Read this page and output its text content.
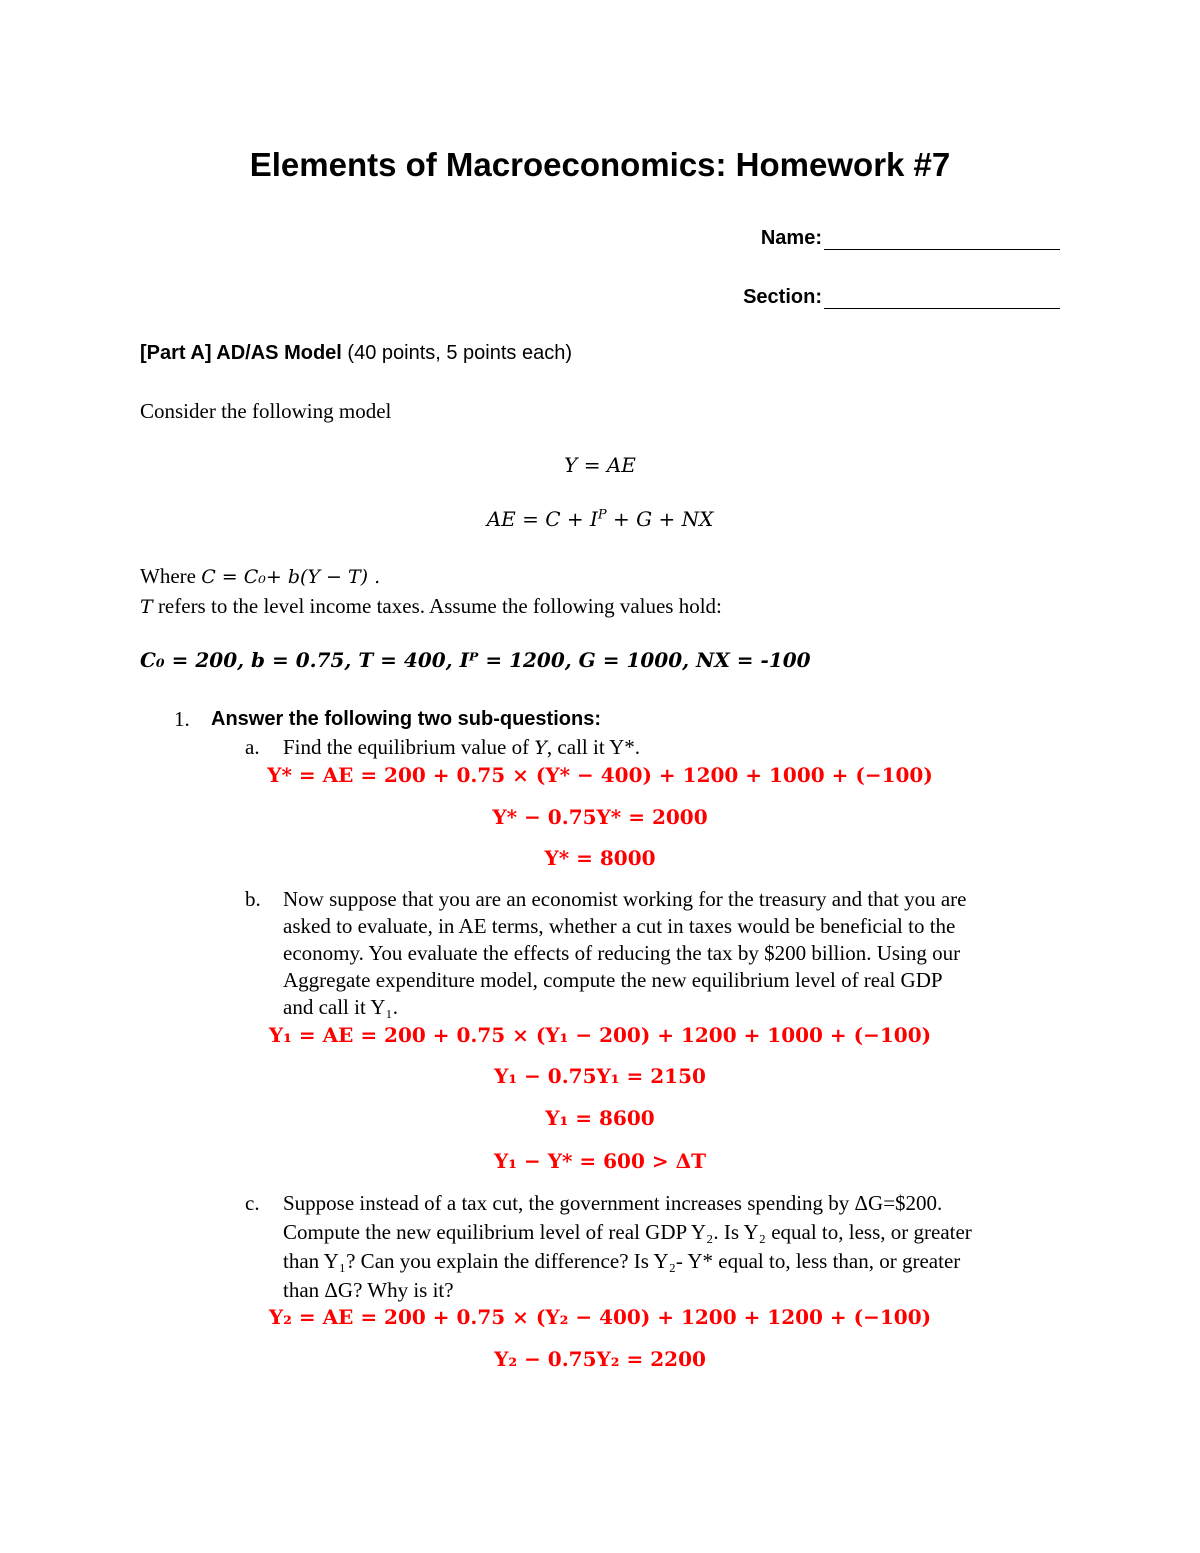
Elements of Macroeconomics: Homework #7
Name:
Section:
[Part A] AD/AS Model (40 points, 5 points each)
Consider the following model
Y = AE
AE = $C + I^P + G$ + NX
Where C = C₀+ b(Y − T) .
T refers to the level income taxes. Assume the following values hold:
C₀ = 200, b = 0.75, T = 400, Iᴾ = 1200, G = 1000, NX = -100
1. Answer the following two sub-questions:
a. Find the equilibrium value of Y, call it Y*.
Y* = AE = 200 + 0.75 × (Y* − 400) + 1200 + 1000 + (−100)
Y* − 0.75Y* = 2000
Y* = 8000
b. Now suppose that you are an economist working for the treasury and that you are
asked to evaluate, in AE terms, whether a cut in taxes would be beneficial to the
economy. You evaluate the effects of reducing the tax by $200 billion. Using our
Aggregate expenditure model, compute the new equilibrium level of real GDP
and call it Y₁.
Y₁ = AE = 200 + 0.75 × (Y₁ − 200) + 1200 + 1000 + (−100)
Y₁ − 0.75Y₁ = 2150
Y₁ = 8600
Y₁ − Y* = 600 > ΔT
c. Suppose instead of a tax cut, the government increases spending by ΔG=$200.
Compute the new equilibrium level of real GDP Y₂. Is Y₂ equal to, less, or greater
than Y₁? Can you explain the difference? Is Y₂- Y* equal to, less than, or greater
than ΔG? Why is it?
Y₂ = AE = 200 + 0.75 × (Y₂ − 400) + 1200 + 1200 + (−100)
Y₂ − 0.75Y₂ = 2200
